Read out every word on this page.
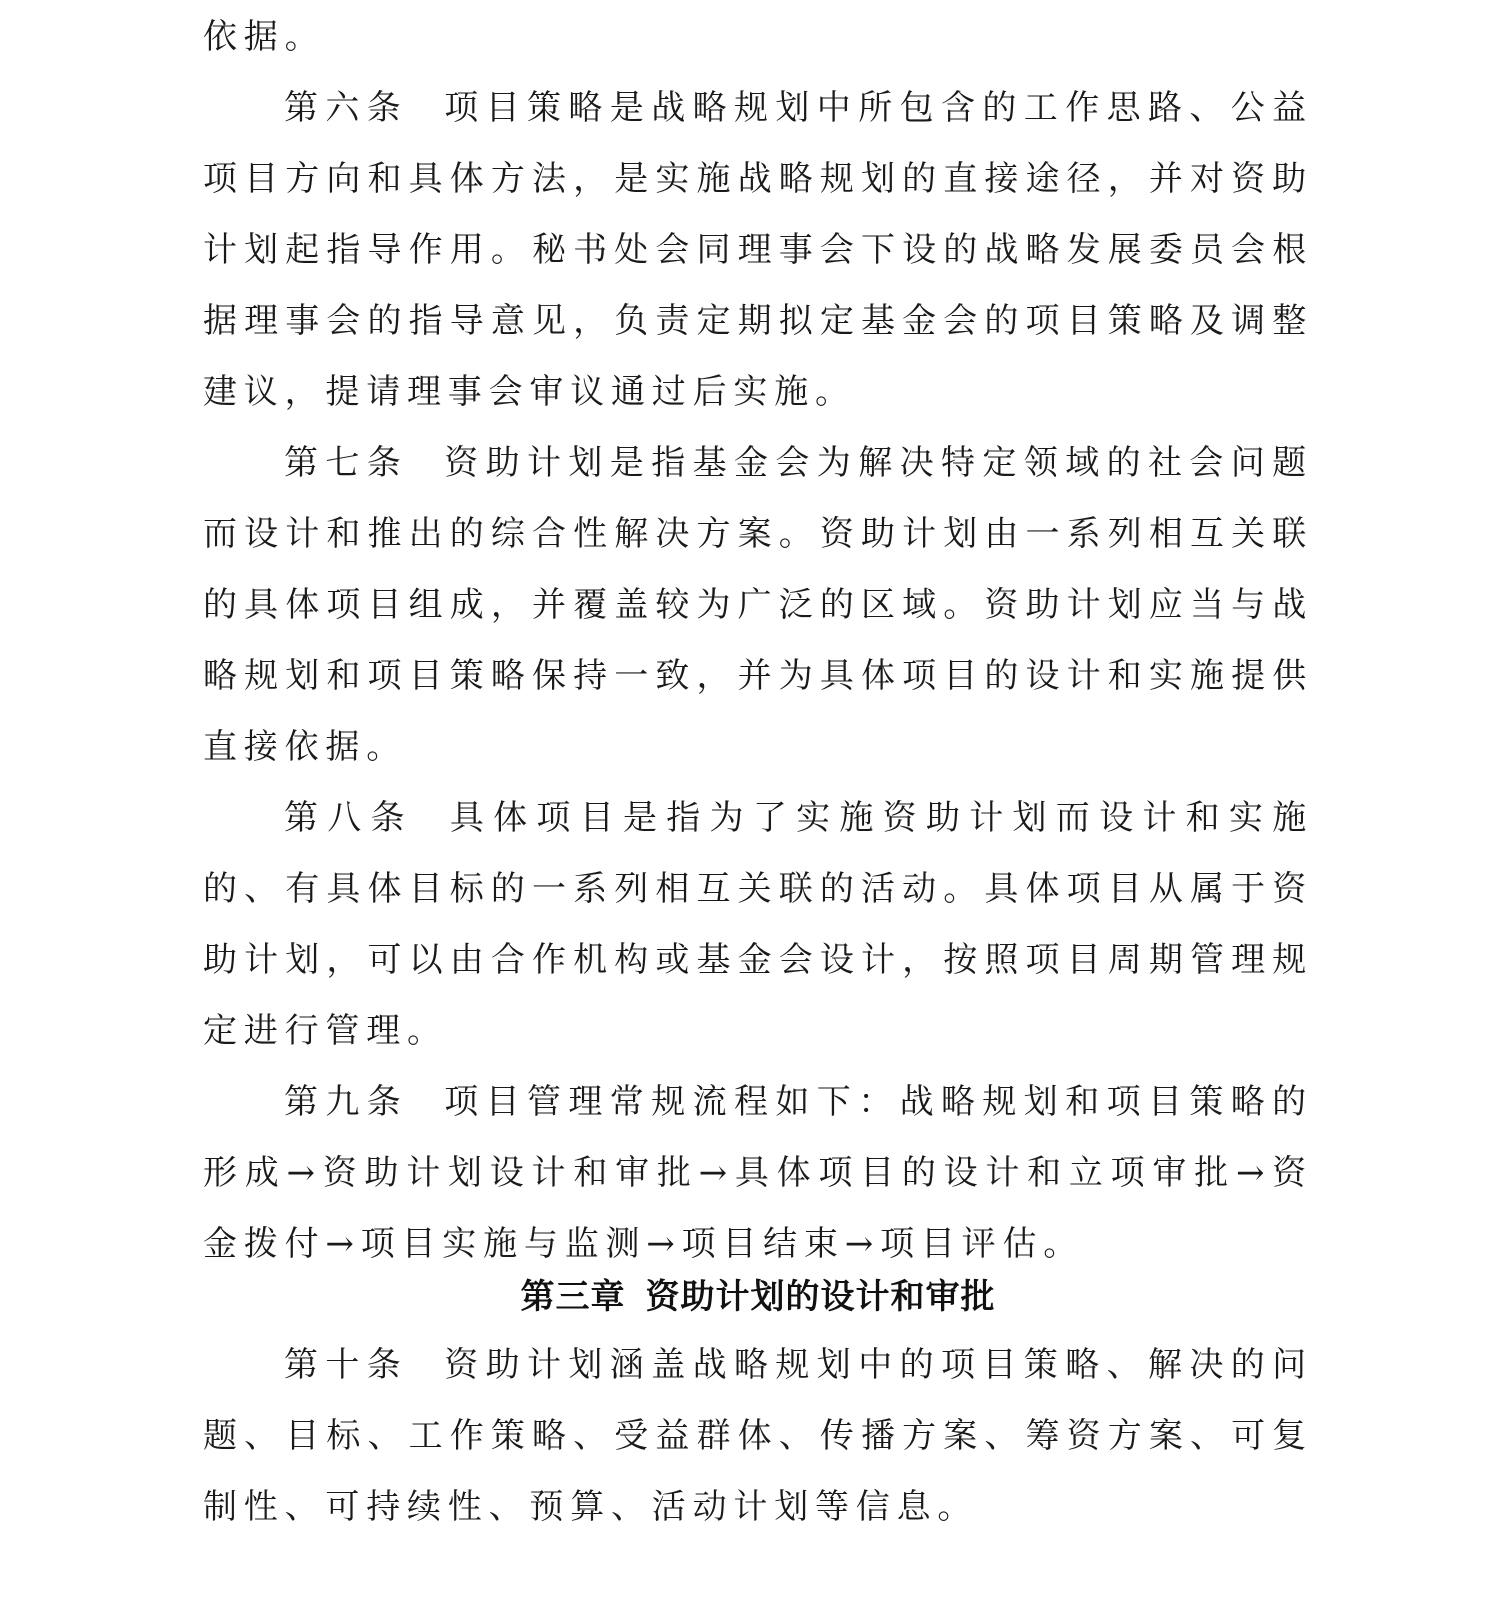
依据。

第六条 项目策略是战略规划中所包含的工作思路、公益项目方向和具体方法，是实施战略规划的直接途径，并对资助计划起指导作用。秘书处会同理事会下设的战略发展委员会根据理事会的指导意见，负责定期拟定基金会的项目策略及调整建议，提请理事会审议通过后实施。

第七条 资助计划是指基金会为解决特定领域的社会问题而设计和推出的综合性解决方案。资助计划由一系列相互关联的具体项目组成，并覆盖较为广泛的区域。资助计划应当与战略规划和项目策略保持一致，并为具体项目的设计和实施提供直接依据。

第八条 具体项目是指为了实施资助计划而设计和实施的、有具体目标的一系列相互关联的活动。具体项目从属于资助计划，可以由合作机构或基金会设计，按照项目周期管理规定进行管理。

第九条 项目管理常规流程如下：战略规划和项目策略的形成→资助计划设计和审批→具体项目的设计和立项审批→资金拨付→项目实施与监测→项目结束→项目评估。

第三章 资助计划的设计和审批

第十条 资助计划涵盖战略规划中的项目策略、解决的问题、目标、工作策略、受益群体、传播方案、筹资方案、可复制性、可持续性、预算、活动计划等信息。
